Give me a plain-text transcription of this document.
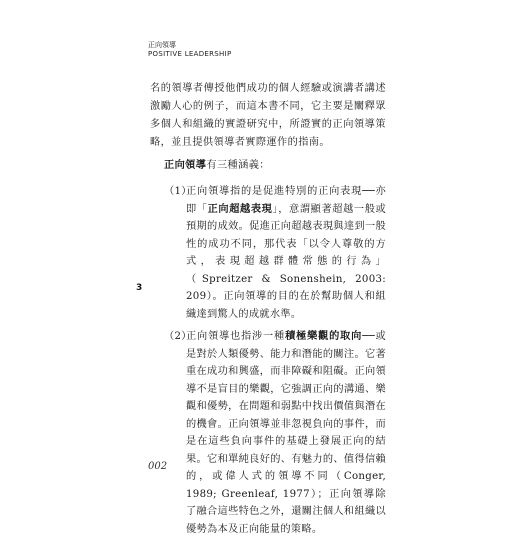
正向領導
POSITIVE LEADERSHIP

名的領導者傳授他們成功的個人經驗或演講者講述激勵人心的例子，而這本書不同，它主要是闡釋眾多個人和組織的實證研究中，所證實的正向領導策略，並且提供領導者實際運作的指南。

正向領導有三種涵義：
（1）
正向領導指的是促進特別的正向表現──亦即「正向超越表現」，意謂顯著超越一般或預期的成效。促進正向超越表現與達到一般性的成功不同，那代表「以令人尊敬的方式，表現超越群體常態的行為」（Spreitzer & Sonenshein, 2003: 209）。正向領導的目的在於幫助個人和組織達到驚人的成就水準。
（2）
正向領導也指涉一種積極樂觀的取向──或是對於人類優勢、能力和潛能的關注。它著重在成功和興盛，而非障礙和阻礙。正向領導不是盲目的樂觀，它強調正向的溝通、樂觀和優勢，在問題和弱點中找出價值與潛在的機會。正向領導並非忽視負向的事件，而是在這些負向事件的基礎上發展正向的結果。它和單純良好的、有魅力的、值得信賴的，或偉人式的領導不同（Conger, 1989; Greenleaf, 1977）；正向領導除了融合這些特色之外，還關注個人和組織以優勢為本及正向能量的策略。
3
002
